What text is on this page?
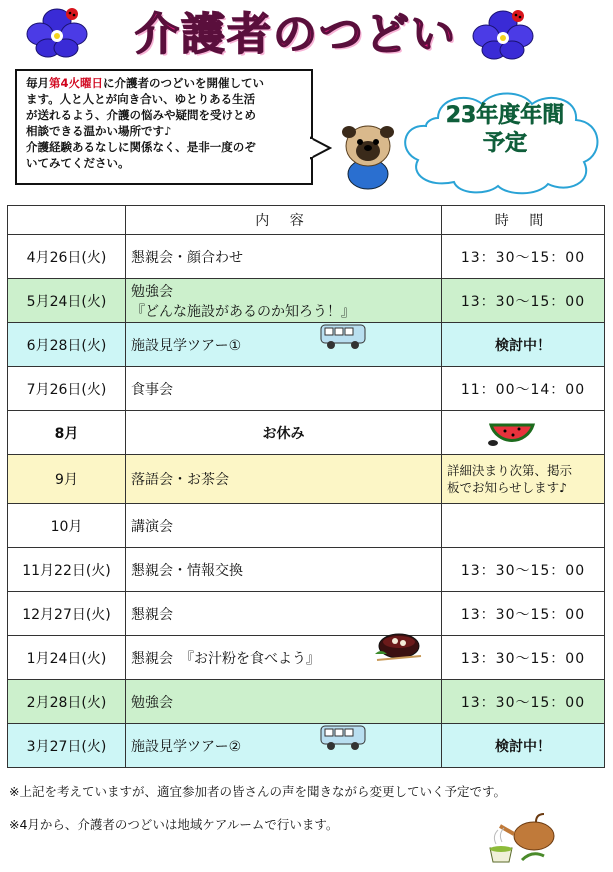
介護者のつどい
毎月第4火曜日に介護者のつどいを開催してい
ます。人と人とが向き合い、ゆとりある生活
が送れるよう、介護の悩みや疑問を受けとめ
相談できる温かい場所です♪
介護経験あるなしに関係なく、是非一度のぞ
いてみてください。
23年度年間
予定
	内 容	時 間
4月26日(火)	懇親会・顔合わせ	13：30～15：00
5月24日(火)	勉強会
『どんな施設があるのか知ろう！』	13：30～15：00
6月28日(火)	施設見学ツアー①	検討中！
7月26日(火)	食事会	11：00～14：00
8月	お休み	

9月	落語会・お茶会	詳細決まり次第、掲示
板でお知らせします♪

10月	講演会	
11月22日(火)	懇親会・情報交換	13：30～15：00
12月27日(火)	懇親会	13：30～15：00
1月24日(火)	懇親会　『お汁粉を食べよう』	13：30～15：00
2月28日(火)	勉強会	13：30～15：00
3月27日(火)	施設見学ツアー②	検討中！
※上記を考えていますが、適宜参加者の皆さんの声を聞きながら変更していく予定です。
※4月から、介護者のつどいは地域ケアルームで行います。
